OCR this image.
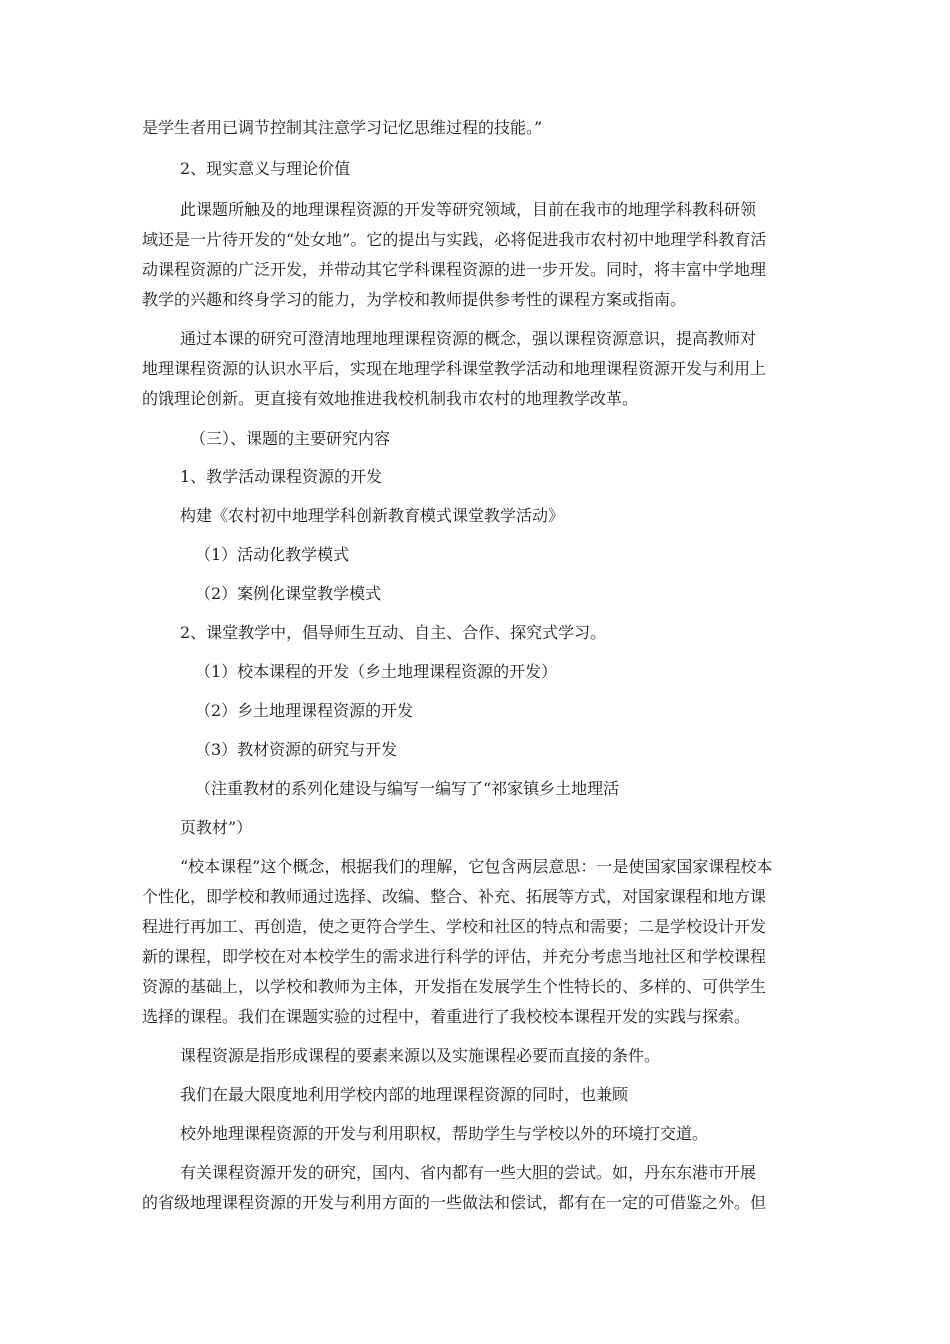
是学生者用已调节控制其注意学习记忆思维过程的技能。”
2、现实意义与理论价值
此课题所触及的地理课程资源的开发等研究领域，目前在我市的地理学科教科研领
域还是一片待开发的“处女地”。它的提出与实践，必将促进我市农村初中地理学科教育活
动课程资源的广泛开发，并带动其它学科课程资源的进一步开发。同时，将丰富中学地理
教学的兴趣和终身学习的能力，为学校和教师提供参考性的课程方案或指南。
通过本课的研究可澄清地理地理课程资源的概念，强以课程资源意识，提高教师对
地理课程资源的认识水平后，实现在地理学科课堂教学活动和地理课程资源开发与利用上
的饿理论创新。更直接有效地推进我校机制我市农村的地理教学改革。
（三）、课题的主要研究内容
1、教学活动课程资源的开发
构建《农村初中地理学科创新教育模式课堂教学活动》
（1）活动化教学模式
（2）案例化课堂教学模式
2、课堂教学中，倡导师生互动、自主、合作、探究式学习。
（1）校本课程的开发（乡土地理课程资源的开发）
（2）乡土地理课程资源的开发
（3）教材资源的研究与开发
（注重教材的系列化建设与编写一编写了“祁家镇乡土地理活
页教材”）
“校本课程”这个概念，根据我们的理解，它包含两层意思：一是使国家国家课程校本
个性化，即学校和教师通过选择、改编、整合、补充、拓展等方式，对国家课程和地方课
程进行再加工、再创造，使之更符合学生、学校和社区的特点和需要；二是学校设计开发
新的课程，即学校在对本校学生的需求进行科学的评估，并充分考虑当地社区和学校课程
资源的基础上，以学校和教师为主体，开发指在发展学生个性特长的、多样的、可供学生
选择的课程。我们在课题实验的过程中，着重进行了我校校本课程开发的实践与探索。
课程资源是指形成课程的要素来源以及实施课程必要而直接的条件。
我们在最大限度地利用学校内部的地理课程资源的同时，也兼顾
校外地理课程资源的开发与利用职权，帮助学生与学校以外的环境打交道。
有关课程资源开发的研究，国内、省内都有一些大胆的尝试。如，丹东东港市开展
的省级地理课程资源的开发与利用方面的一些做法和偿试，都有在一定的可借鉴之外。但
